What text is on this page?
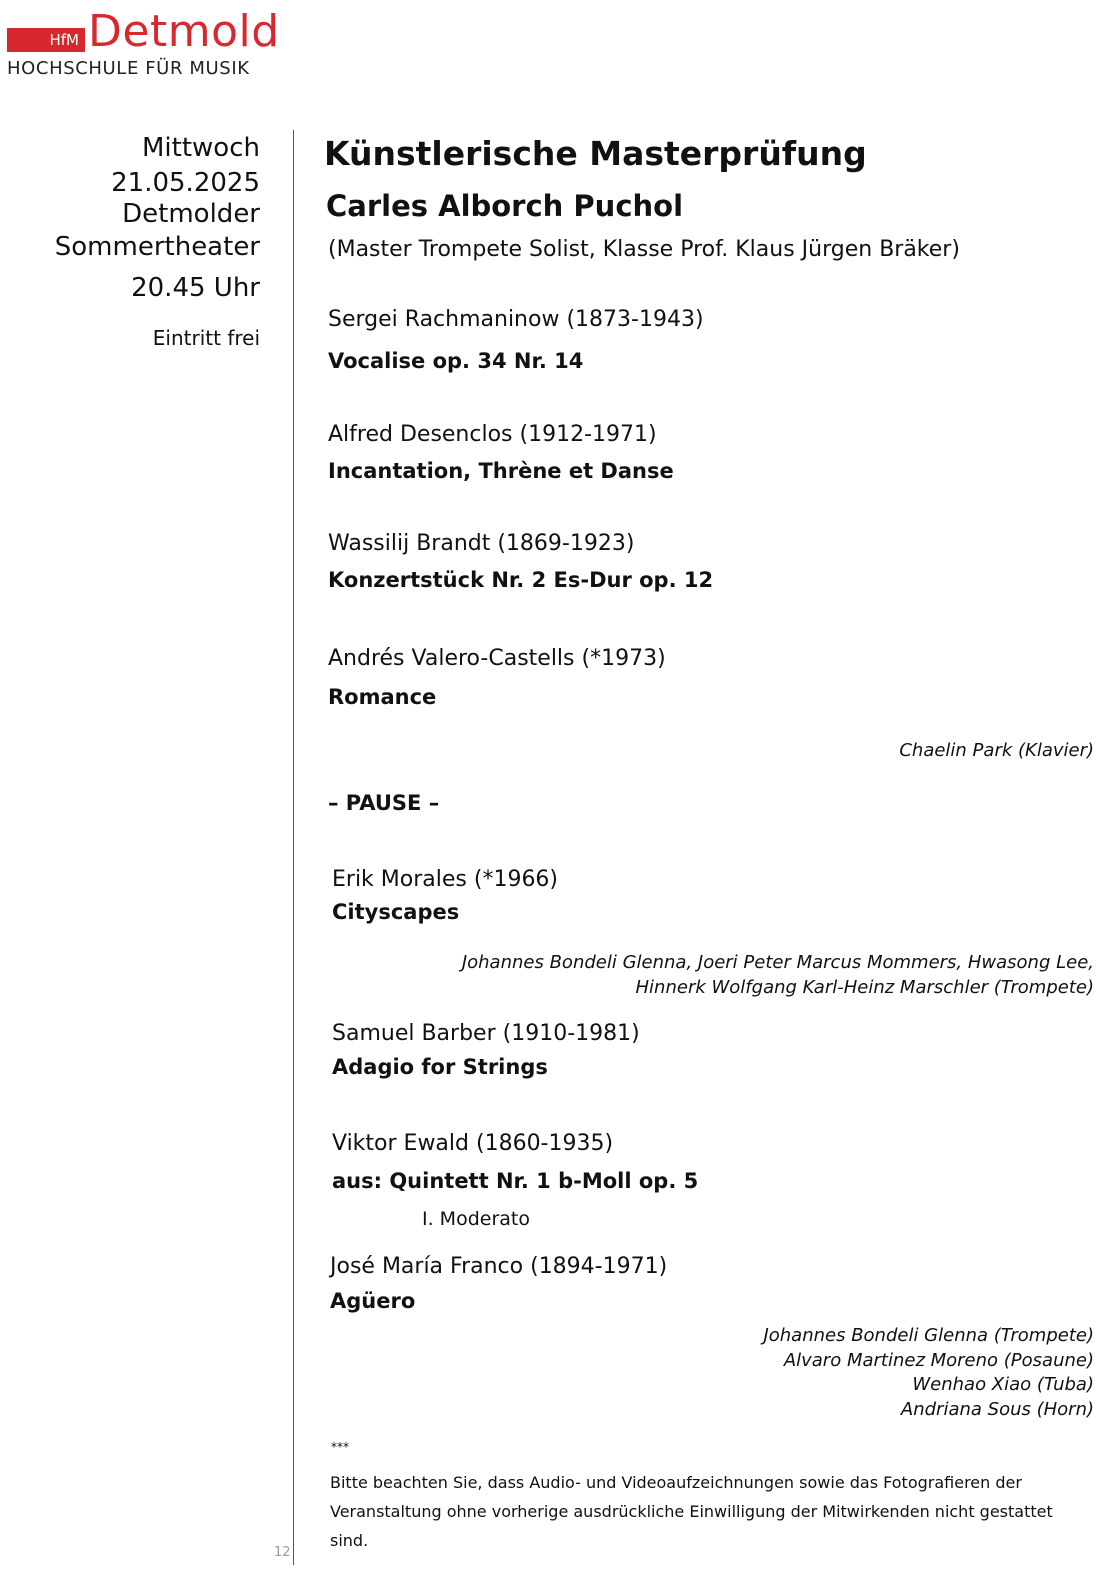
HfM Detmold
HOCHSCHULE FÜR MUSIK
Mittwoch
21.05.2025
Detmolder
Sommertheater
20.45 Uhr
Eintritt frei
12
Künstlerische Masterprüfung
Carles Alborch Puchol
(Master Trompete Solist, Klasse Prof. Klaus Jürgen Bräker)
Sergei Rachmaninow (1873-1943)
Vocalise op. 34 Nr. 14
Alfred Desenclos (1912-1971)
Incantation, Thrène et Danse
Wassilij Brandt (1869-1923)
Konzertstück Nr. 2 Es-Dur op. 12
Andrés Valero-Castells (*1973)
Romance
Chaelin Park (Klavier)
– PAUSE –
Erik Morales (*1966)
Cityscapes
Johannes Bondeli Glenna, Joeri Peter Marcus Mommers, Hwasong Lee,
Hinnerk Wolfgang Karl-Heinz Marschler (Trompete)
Samuel Barber (1910-1981)
Adagio for Strings
Viktor Ewald (1860-1935)
aus: Quintett Nr. 1 b-Moll op. 5
I. Moderato
José María Franco (1894-1971)
Agüero
Johannes Bondeli Glenna (Trompete)
Alvaro Martinez Moreno (Posaune)
Wenhao Xiao (Tuba)
Andriana Sous (Horn)
***
Bitte beachten Sie, dass Audio- und Videoaufzeichnungen sowie das Fotografieren der Veranstaltung ohne vorherige ausdrückliche Einwilligung der Mitwirkenden nicht gestattet sind.
